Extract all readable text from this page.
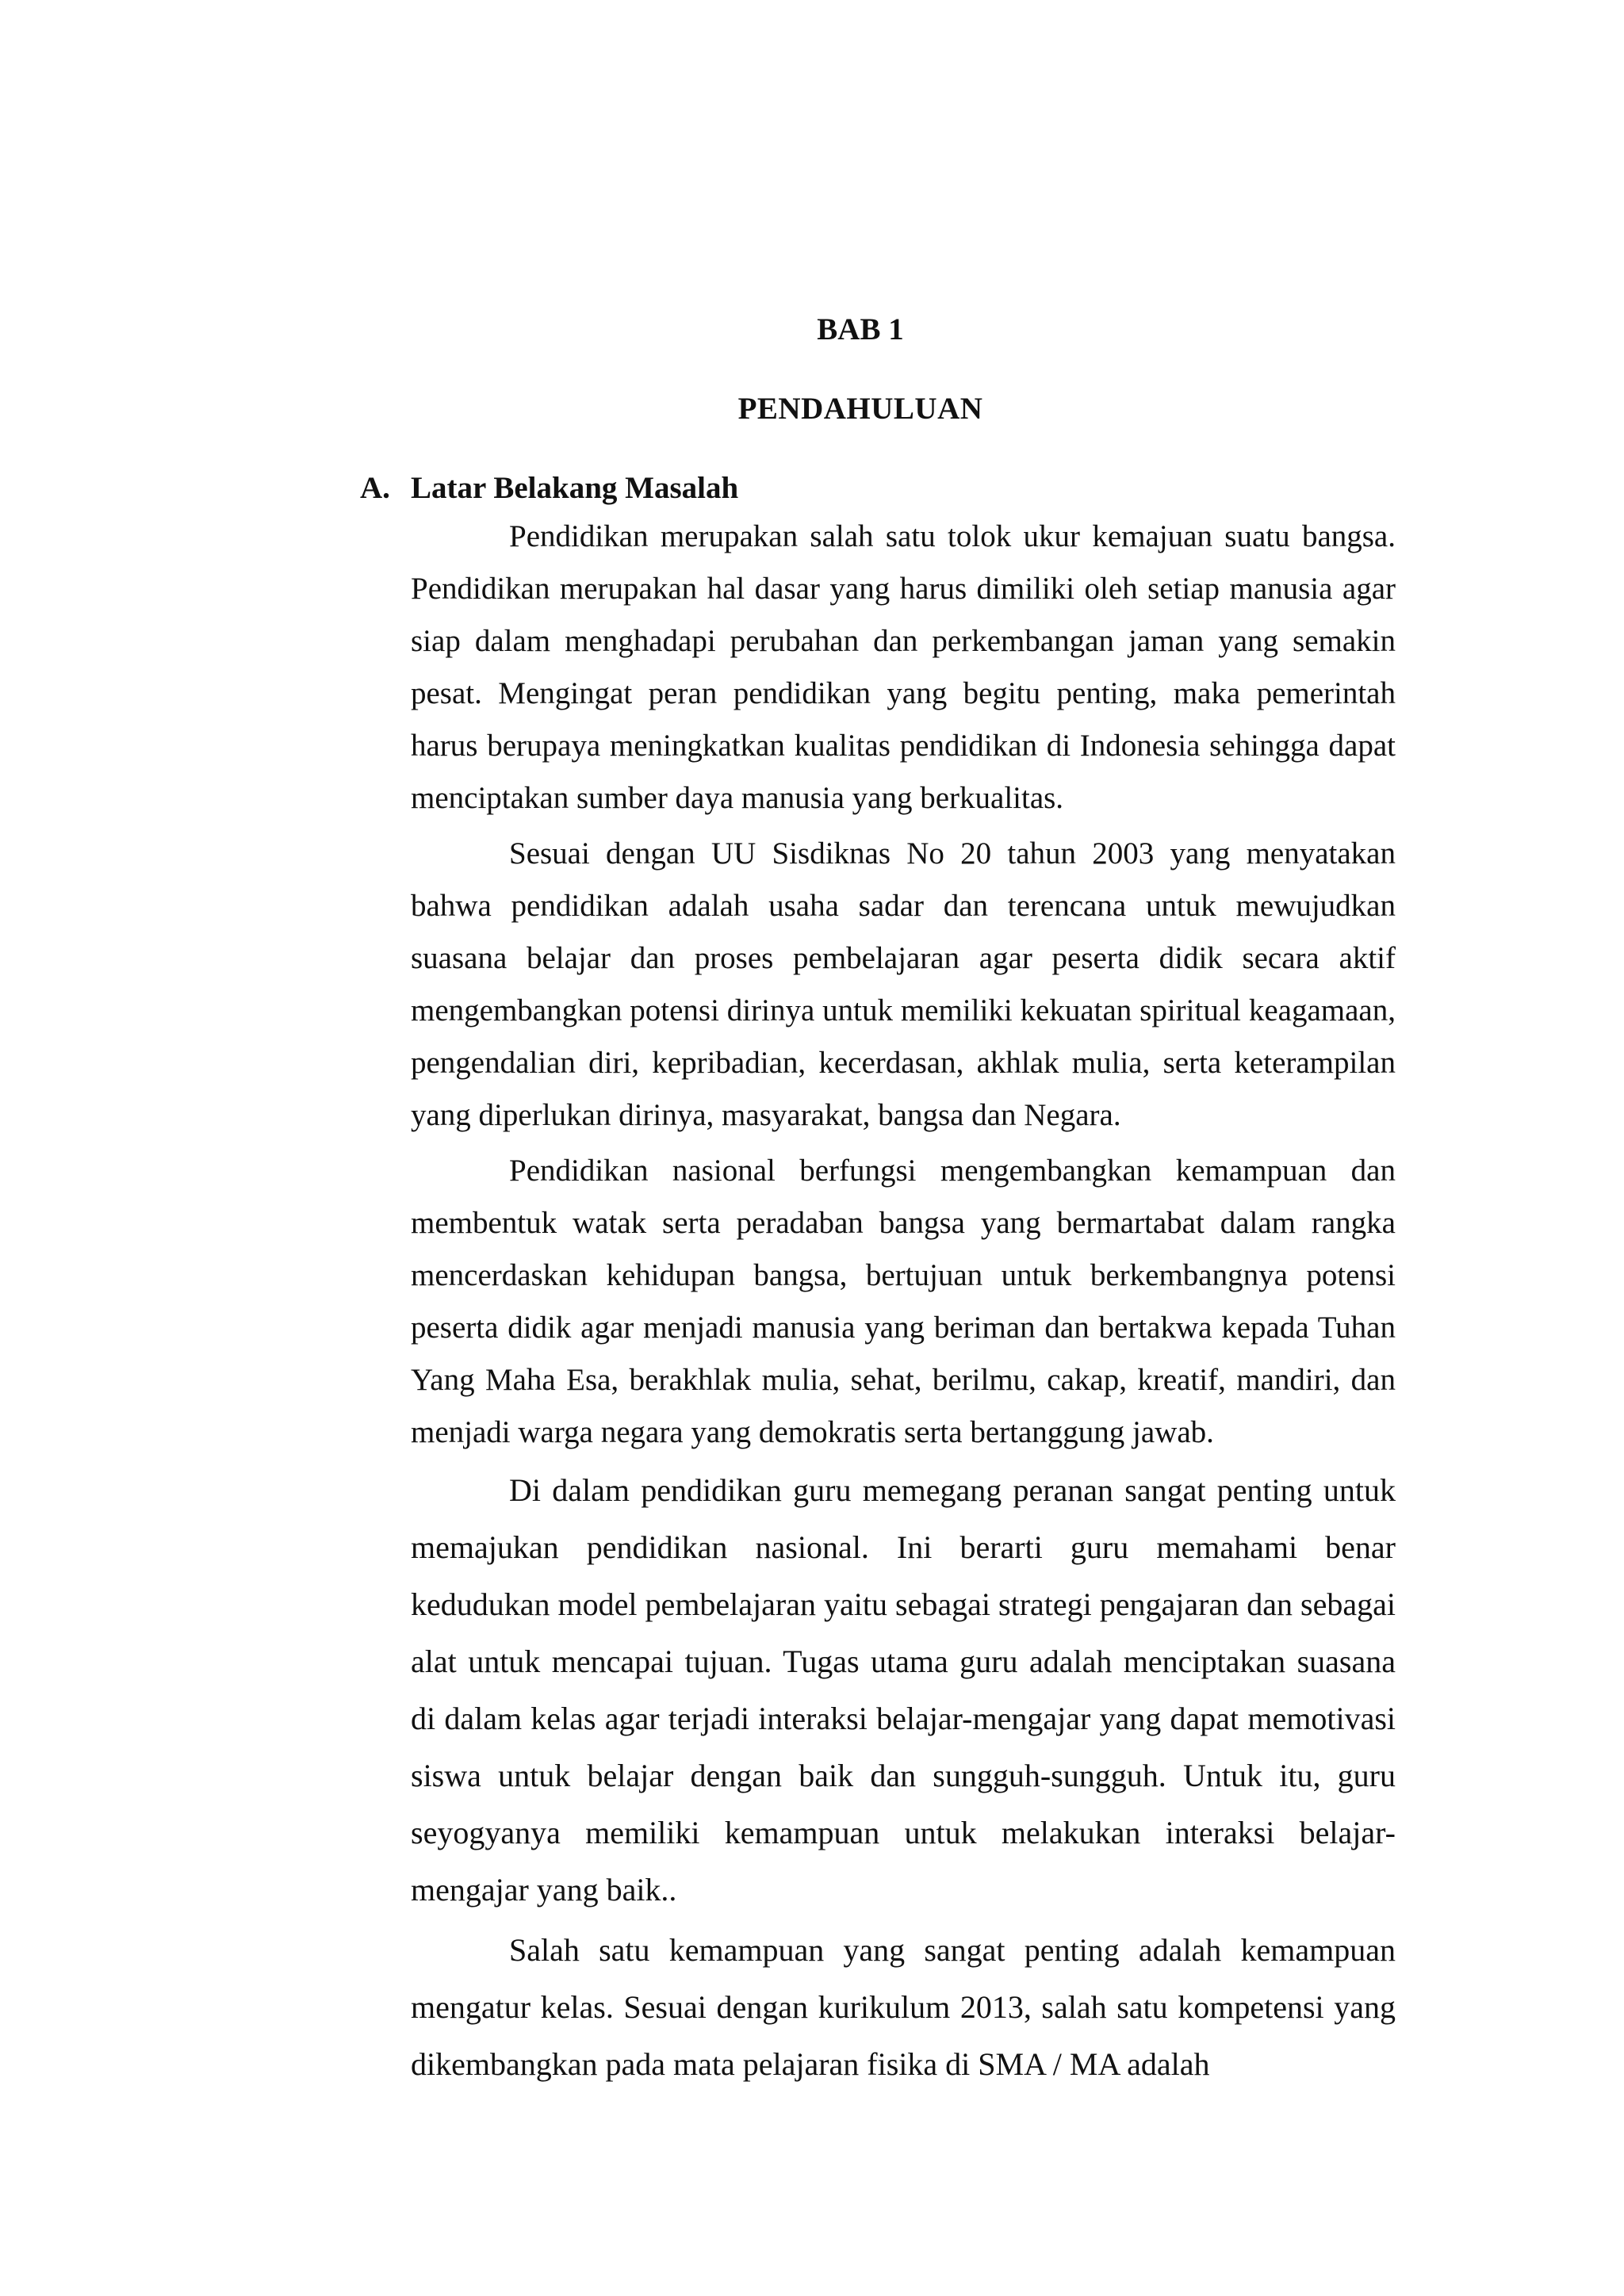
BAB 1
PENDAHULUAN
A. Latar Belakang Masalah

Pendidikan merupakan salah satu tolok ukur kemajuan suatu bangsa. Pendidikan merupakan hal dasar yang harus dimiliki oleh setiap manusia agar siap dalam menghadapi perubahan dan perkembangan jaman yang semakin pesat. Mengingat peran pendidikan yang begitu penting, maka pemerintah harus berupaya meningkatkan kualitas pendidikan di Indonesia sehingga dapat menciptakan sumber daya manusia yang berkualitas.

Sesuai dengan UU Sisdiknas No 20 tahun 2003 yang menyatakan bahwa pendidikan adalah usaha sadar dan terencana untuk mewujudkan suasana belajar dan proses pembelajaran agar peserta didik secara aktif mengembangkan potensi dirinya untuk memiliki kekuatan spiritual keagamaan, pengendalian diri, kepribadian, kecerdasan, akhlak mulia, serta keterampilan yang diperlukan dirinya, masyarakat, bangsa dan Negara.

Pendidikan nasional berfungsi mengembangkan kemampuan dan membentuk watak serta peradaban bangsa yang bermartabat dalam rangka mencerdaskan kehidupan bangsa, bertujuan untuk berkembangnya potensi peserta didik agar menjadi manusia yang beriman dan bertakwa kepada Tuhan Yang Maha Esa, berakhlak mulia, sehat, berilmu, cakap, kreatif, mandiri, dan menjadi warga negara yang demokratis serta bertanggung jawab.

Di dalam pendidikan guru memegang peranan sangat penting untuk memajukan pendidikan nasional. Ini berarti guru memahami benar kedudukan model pembelajaran yaitu sebagai strategi pengajaran dan sebagai alat untuk mencapai tujuan. Tugas utama guru adalah menciptakan suasana di dalam kelas agar terjadi interaksi belajar-mengajar yang dapat memotivasi siswa untuk belajar dengan baik dan sungguh-sungguh. Untuk itu, guru seyogyanya memiliki kemampuan untuk melakukan interaksi belajar-mengajar yang baik..

Salah satu kemampuan yang sangat penting adalah kemampuan mengatur kelas. Sesuai dengan kurikulum 2013, salah satu kompetensi yang dikembangkan pada mata pelajaran fisika di SMA / MA adalah
